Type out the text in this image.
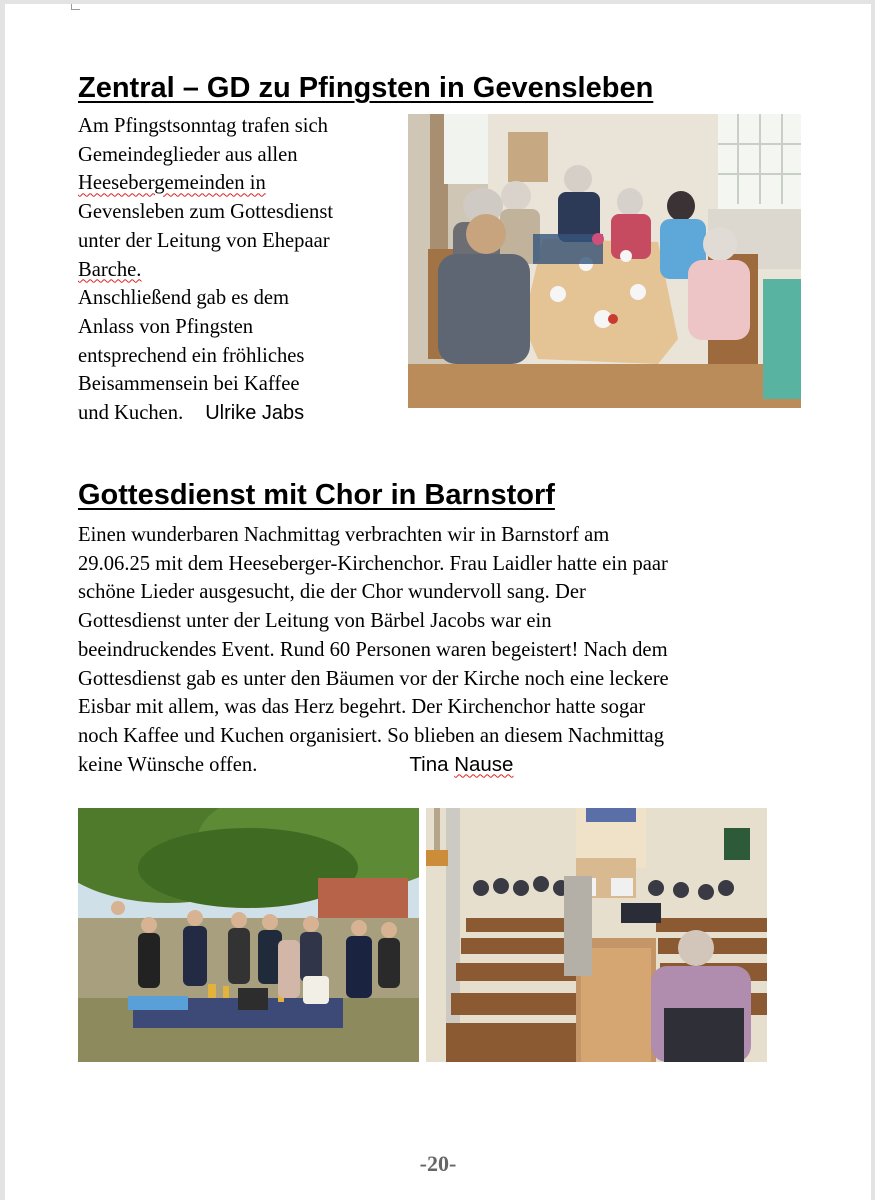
Zentral – GD zu Pfingsten in Gevensleben
Am Pfingstsonntag trafen sich
Gemeindeglieder aus allen
Heesebergemeinden in
Gevensleben zum Gottesdienst
unter der Leitung von Ehepaar
Barche.
Anschließend gab es dem
Anlass von Pfingsten
entsprechend ein fröhliches
Beisammensein bei Kaffee
und Kuchen. Ulrike Jabs
Gottesdienst mit Chor in Barnstorf
Einen wunderbaren Nachmittag verbrachten wir in Barnstorf am
29.06.25 mit dem Heeseberger-Kirchenchor. Frau Laidler hatte ein paar
schöne Lieder ausgesucht, die der Chor wundervoll sang. Der
Gottesdienst unter der Leitung von Bärbel Jacobs war ein
beeindruckendes Event. Rund 60 Personen waren begeistert! Nach dem
Gottesdienst gab es unter den Bäumen vor der Kirche noch eine leckere
Eisbar mit allem, was das Herz begehrt. Der Kirchenchor hatte sogar
noch Kaffee und Kuchen organisiert. So blieben an diesem Nachmittag
keine Wünsche offen.	Tina Nause
-20-
